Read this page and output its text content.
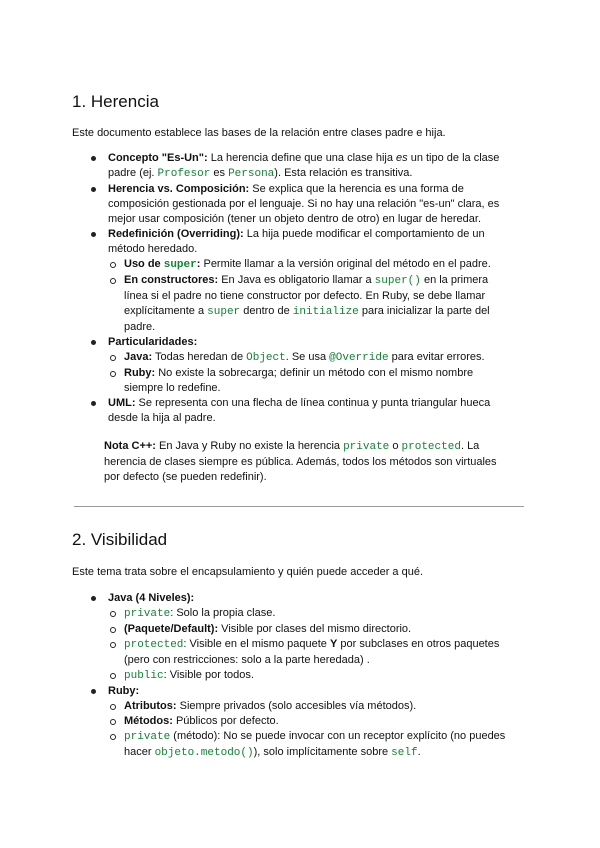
1. Herencia

Este documento establece las bases de la relación entre clases padre e hija.

Concepto "Es-Un": La herencia define que una clase hija es un tipo de la clase padre (ej. Profesor es Persona). Esta relación es transitiva.
Herencia vs. Composición: Se explica que la herencia es una forma de composición gestionada por el lenguaje. Si no hay una relación "es-un" clara, es mejor usar composición (tener un objeto dentro de otro) en lugar de heredar.
Redefinición (Overriding): La hija puede modificar el comportamiento de un método heredado.
Uso de super: Permite llamar a la versión original del método en el padre.
En constructores: En Java es obligatorio llamar a super() en la primera línea si el padre no tiene constructor por defecto. En Ruby, se debe llamar explícitamente a super dentro de initialize para inicializar la parte del padre.
Particularidades:
Java: Todas heredan de Object. Se usa @Override para evitar errores.
Ruby: No existe la sobrecarga; definir un método con el mismo nombre siempre lo redefine.
UML: Se representa con una flecha de línea continua y punta triangular hueca desde la hija al padre.

Nota C++: En Java y Ruby no existe la herencia private o protected. La herencia de clases siempre es pública. Además, todos los métodos son virtuales por defecto (se pueden redefinir).

2. Visibilidad

Este tema trata sobre el encapsulamiento y quién puede acceder a qué.

Java (4 Niveles):
private: Solo la propia clase.
(Paquete/Default): Visible por clases del mismo directorio.
protected: Visible en el mismo paquete Y por subclases en otros paquetes (pero con restricciones: solo a la parte heredada) .
public: Visible por todos.
Ruby:
Atributos: Siempre privados (solo accesibles vía métodos).
Métodos: Públicos por defecto.
private (método): No se puede invocar con un receptor explícito (no puedes hacer objeto.metodo()), solo implícitamente sobre self.
